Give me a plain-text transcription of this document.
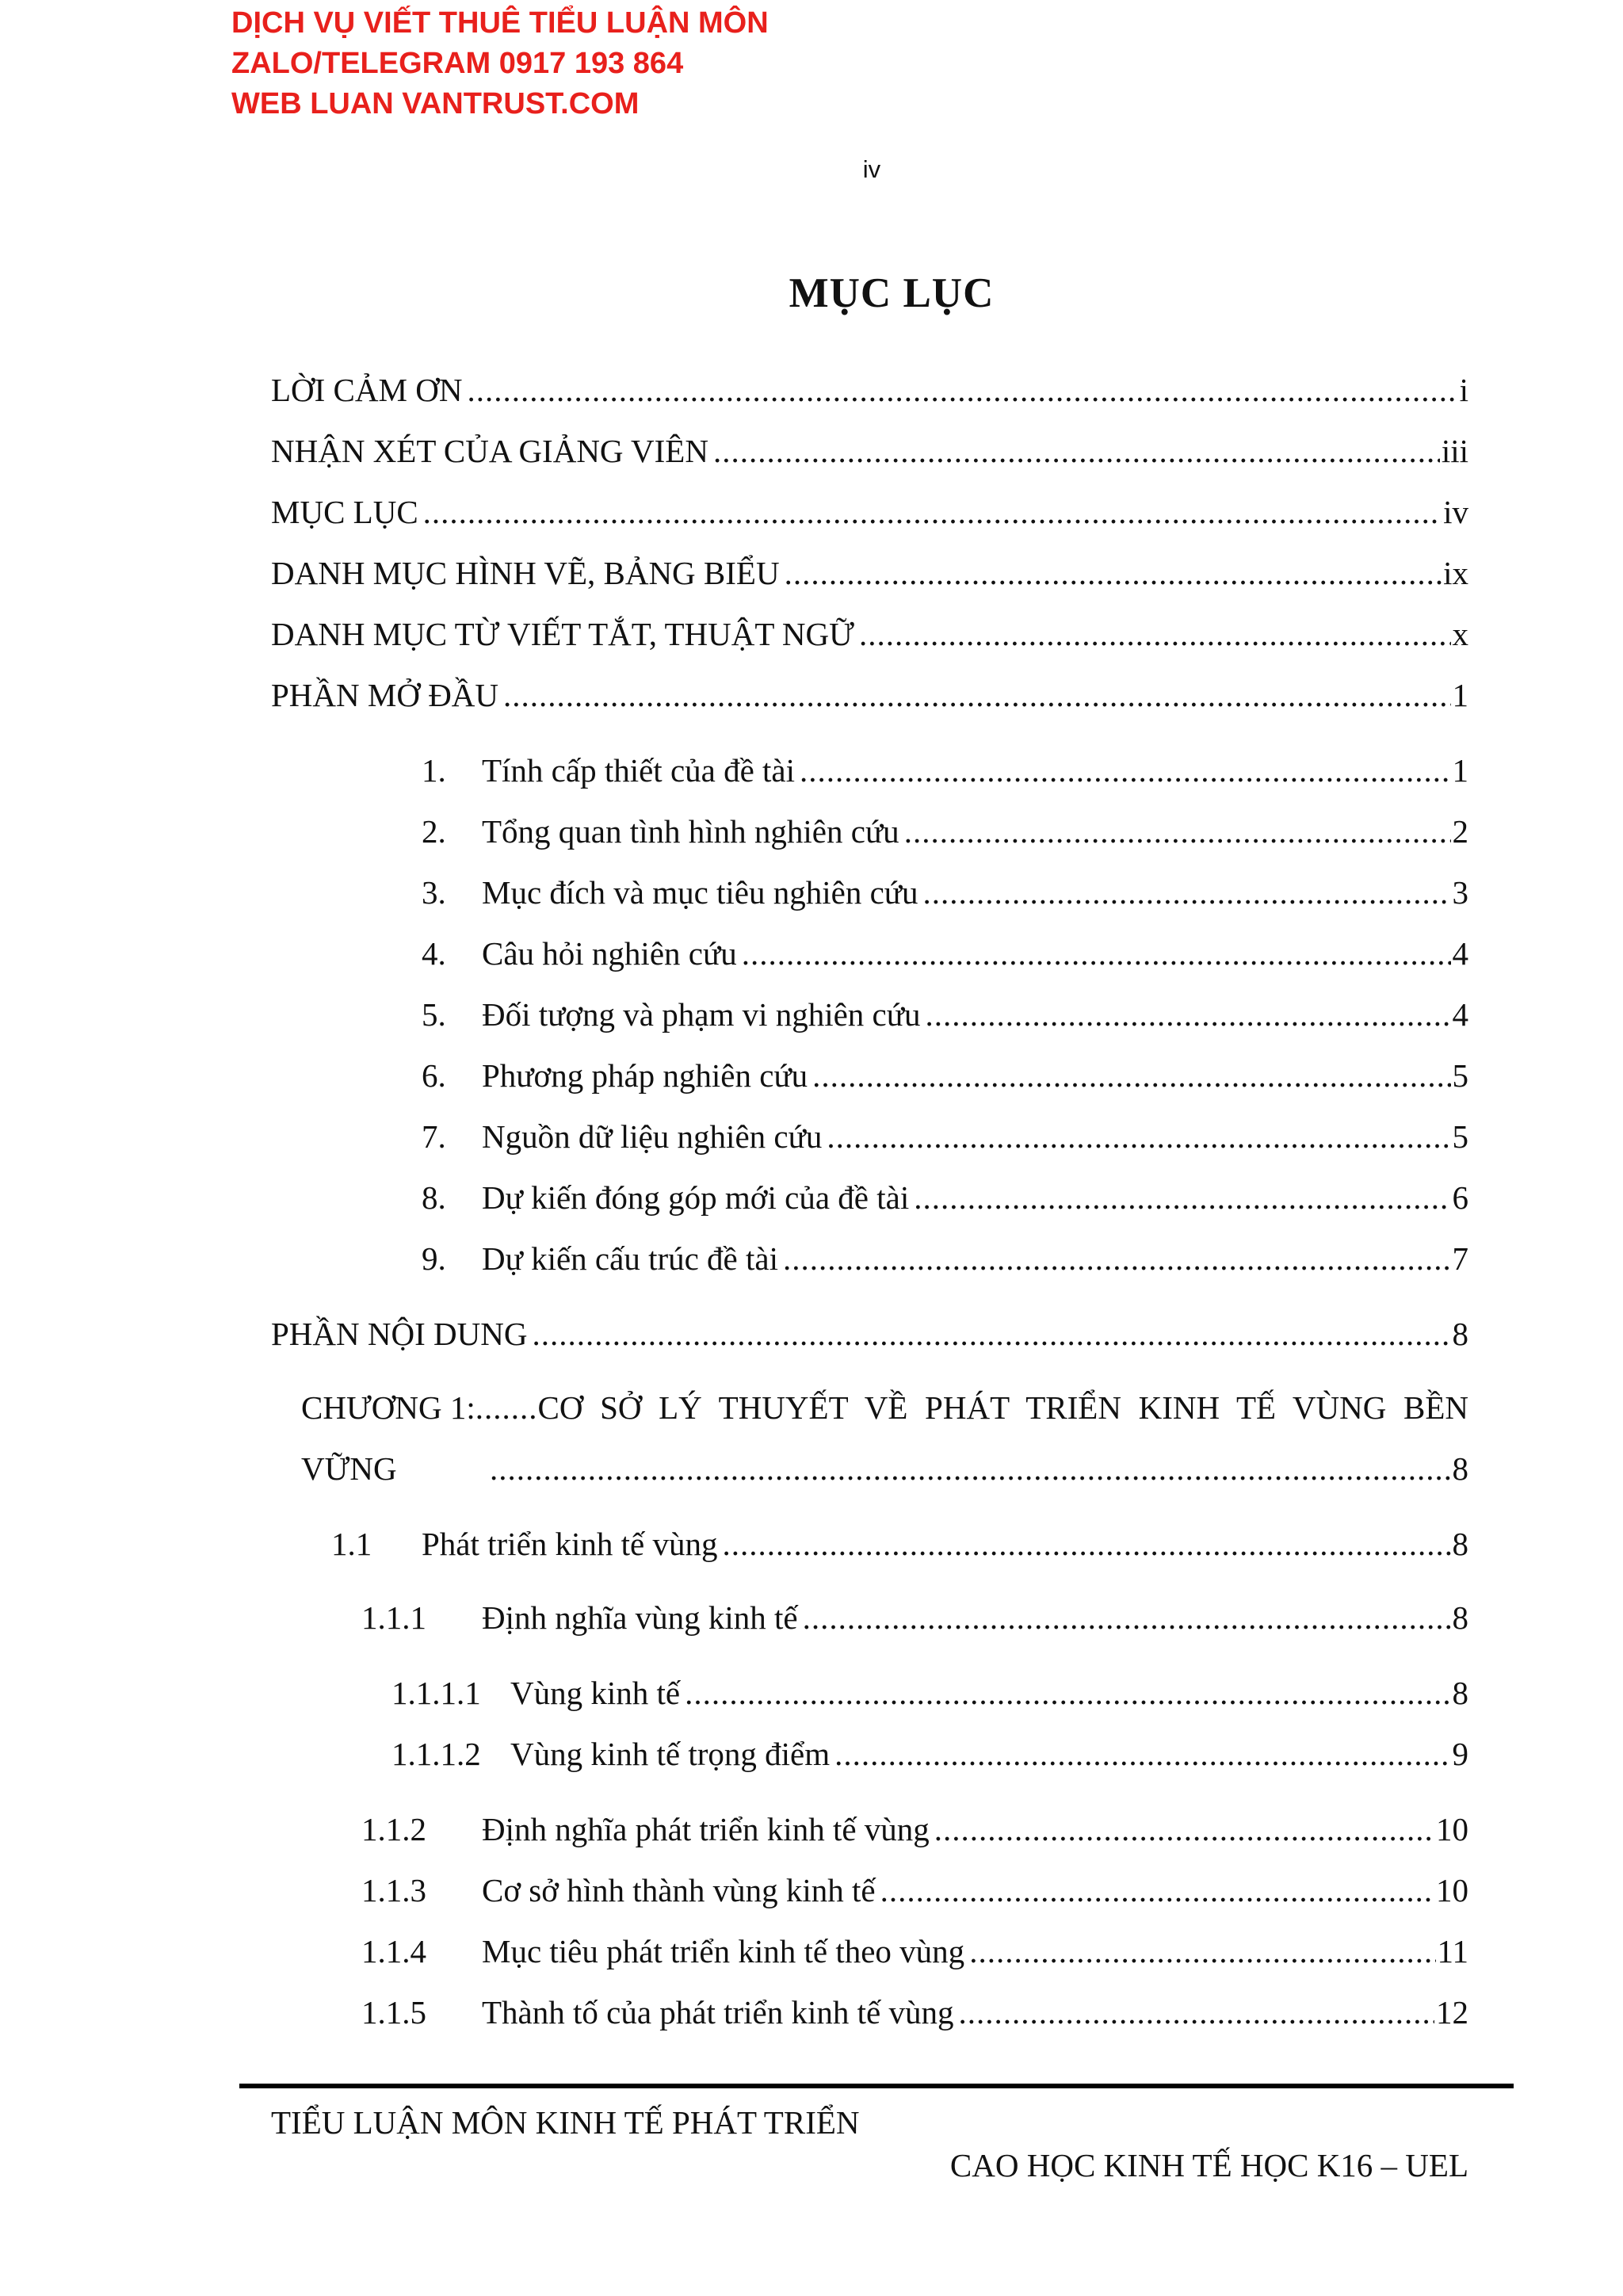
DỊCH VỤ VIẾT THUÊ TIỂU LUẬN MÔN
ZALO/TELEGRAM 0917 193 864
WEB LUAN VANTRUST.COM
iv
MỤC LỤC
LỜI CẢM ƠN .....	i
NHẬN XÉT CỦA GIẢNG VIÊN .....	iii
MỤC LỤC .....	iv
DANH MỤC HÌNH VẼ, BẢNG BIỂU .....	ix
DANH MỤC TỪ VIẾT TẮT, THUẬT NGỮ .....	x
PHẦN MỞ ĐẦU .....	1
1.	Tính cấp thiết của đề tài .....	1
2.	Tổng quan tình hình nghiên cứu .....	2
3.	Mục đích và mục tiêu nghiên cứu .....	3
4.	Câu hỏi nghiên cứu .....	4
5.	Đối tượng và phạm vi nghiên cứu .....	4
6.	Phương pháp nghiên cứu .....	5
7.	Nguồn dữ liệu nghiên cứu .....	5
8.	Dự kiến đóng góp mới của đề tài .....	6
9.	Dự kiến cấu trúc đề tài .....	7
PHẦN NỘI DUNG .....	8
CHƯƠNG 1: ....... CƠ SỞ LÝ THUYẾT VỀ PHÁT TRIỂN KINH TẾ VÙNG BỀN
VỮNG .....	8
1.1	Phát triển kinh tế vùng .....	8
1.1.1	Định nghĩa vùng kinh tế .....	8
1.1.1.1 Vùng kinh tế .....	8
1.1.1.2 Vùng kinh tế trọng điểm .....	9
1.1.2	Định nghĩa phát triển kinh tế vùng .....	10
1.1.3	Cơ sở hình thành vùng kinh tế .....	10
1.1.4	Mục tiêu phát triển kinh tế theo vùng .....	11
1.1.5	Thành tố của phát triển kinh tế vùng .....	12
TIỂU LUẬN MÔN KINH TẾ PHÁT TRIỂN
CAO HỌC KINH TẾ HỌC K16 – UEL
